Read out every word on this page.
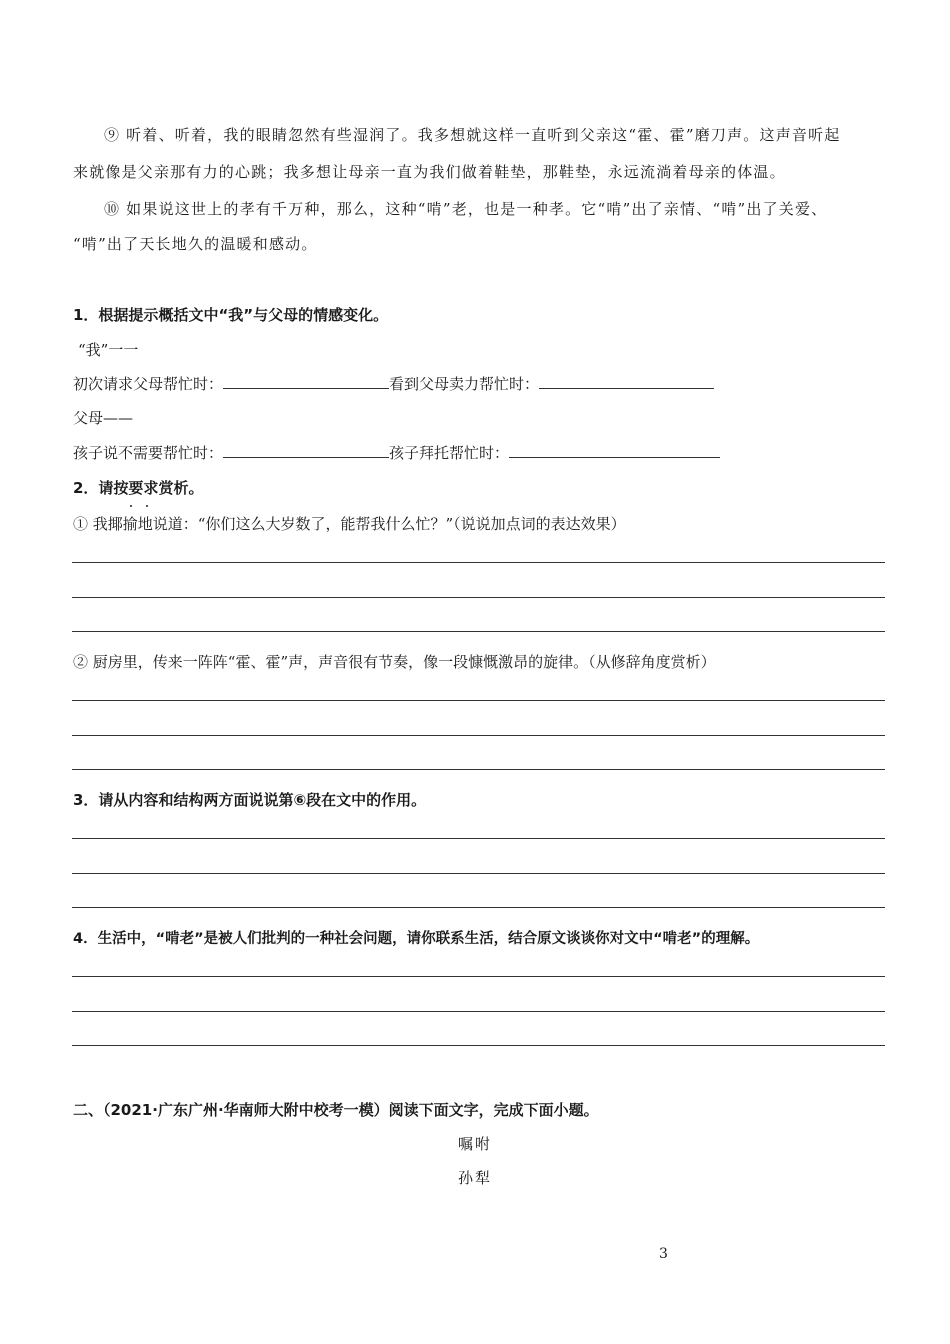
⑨ 听着、听着，我的眼睛忽然有些湿润了。我多想就这样一直听到父亲这“霍、霍”磨刀声。这声音听起
来就像是父亲那有力的心跳；我多想让母亲一直为我们做着鞋垫，那鞋垫，永远流淌着母亲的体温。
⑩ 如果说这世上的孝有千万种，那么，这种“啃”老，也是一种孝。它“啃”出了亲情、“啃”出了关爱、
“啃”出了天长地久的温暖和感动。
1．根据提示概括文中“我”与父母的情感变化。
“我”一一
初次请求父母帮忙时：	看到父母卖力帮忙时：
父母——
孩子说不需要帮忙时：	孩子拜托帮忙时：
2．请按要求赏析。
① 我揶揄地说道：“你们这么大岁数了，能帮我什么忙？”（说说加点词的表达效果）
② 厨房里，传来一阵阵“霍、霍”声，声音很有节奏，像一段慷慨激昂的旋律。（从修辞角度赏析）
3．请从内容和结构两方面说说第⑥段在文中的作用。
4．生活中，“啃老”是被人们批判的一种社会问题，请你联系生活，结合原文谈谈你对文中“啃老”的理解。
二、（2021·广东广州·华南师大附中校考一模）阅读下面文字，完成下面小题。
嘱咐
孙犁
3
